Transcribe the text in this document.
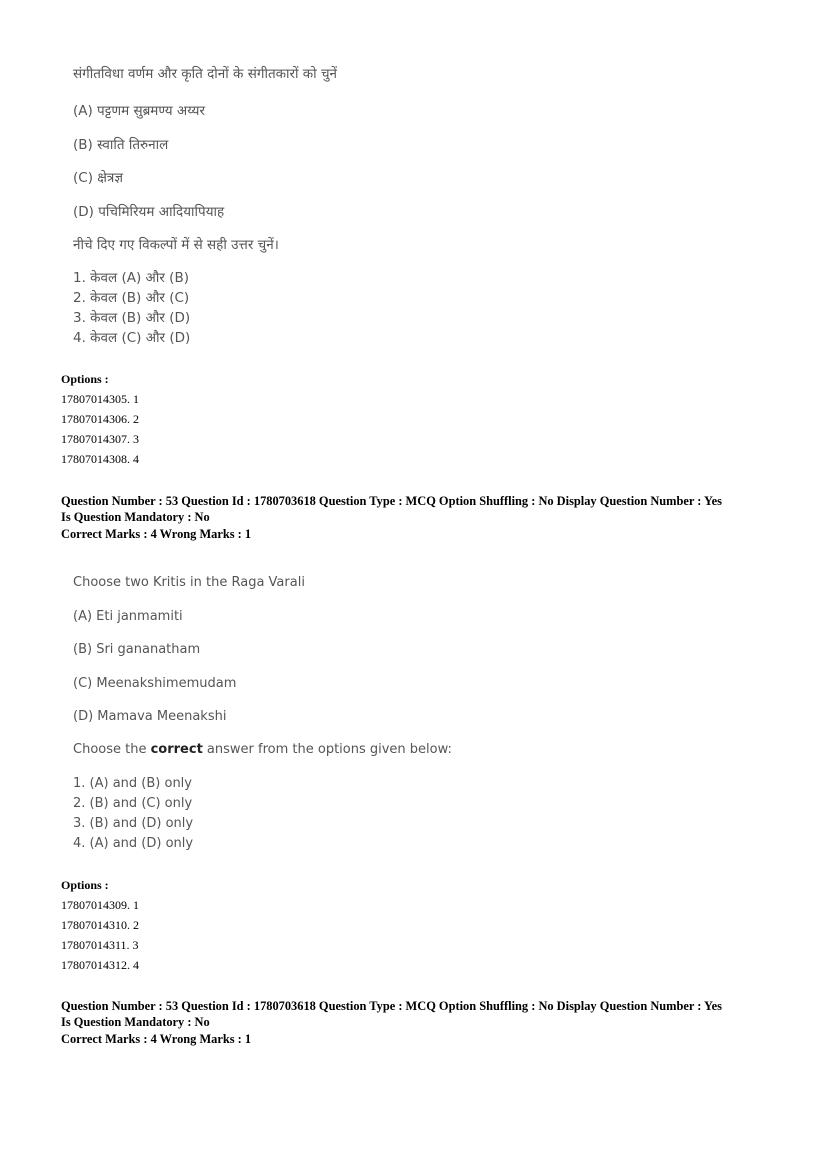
संगीतविधा वर्णम और कृति दोनों के संगीतकारों को चुनें
(A) पट्टणम सुब्रमण्य अय्यर
(B) स्वाति तिरुनाल
(C) क्षेत्रज्ञ
(D) पचिमिरियम आदियापियाह
नीचे दिए गए विकल्पों में से सही उत्तर चुनें।
1. केवल (A) और (B)
2. केवल (B) और (C)
3. केवल (B) और (D)
4. केवल (C) और (D)
Options :
17807014305. 1
17807014306. 2
17807014307. 3
17807014308. 4
Question Number : 53 Question Id : 1780703618 Question Type : MCQ Option Shuffling : No Display Question Number : Yes
Is Question Mandatory : No
Correct Marks : 4 Wrong Marks : 1
Choose two Kritis in the Raga Varali
(A) Eti janmamiti
(B) Sri gananatham
(C) Meenakshimemudam
(D) Mamava Meenakshi
Choose the correct answer from the options given below:
1. (A) and (B) only
2. (B) and (C) only
3. (B) and (D) only
4. (A) and (D) only
Options :
17807014309. 1
17807014310. 2
17807014311. 3
17807014312. 4
Question Number : 53 Question Id : 1780703618 Question Type : MCQ Option Shuffling : No Display Question Number : Yes
Is Question Mandatory : No
Correct Marks : 4 Wrong Marks : 1
